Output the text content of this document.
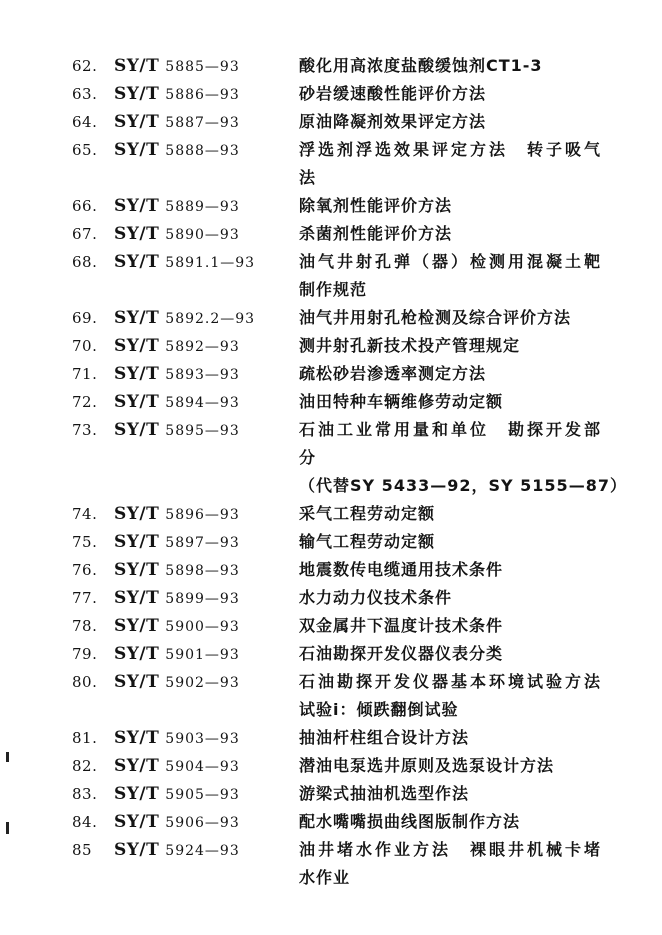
62. SY/T 5885—93	酸化用高浓度盐酸缓蚀剂CT1-3
63. SY/T 5886—93	砂岩缓速酸性能评价方法
64. SY/T 5887—93	原油降凝剂效果评定方法
65. SY/T 5888—93	浮选剂浮选效果评定方法　转子吸气
法
66. SY/T 5889—93	除氧剂性能评价方法
67. SY/T 5890—93	杀菌剂性能评价方法
68. SY/T 5891.1—93	油气井射孔弹（器）检测用混凝土靶
制作规范
69. SY/T 5892.2—93	油气井用射孔枪检测及综合评价方法
70. SY/T 5892—93	测井射孔新技术投产管理规定
71. SY/T 5893—93	疏松砂岩渗透率测定方法
72. SY/T 5894—93	油田特种车辆维修劳动定额
73. SY/T 5895—93	石油工业常用量和单位　勘探开发部
分
（代替SY 5433—92，SY 5155—87）
74. SY/T 5896—93	采气工程劳动定额
75. SY/T 5897—93	输气工程劳动定额
76. SY/T 5898—93	地震数传电缆通用技术条件
77. SY/T 5899—93	水力动力仪技术条件
78. SY/T 5900—93	双金属井下温度计技术条件
79. SY/T 5901—93	石油勘探开发仪器仪表分类
80. SY/T 5902—93	石油勘探开发仪器基本环境试验方法
试验i：倾跌翻倒试验
81. SY/T 5903—93	抽油杆柱组合设计方法
82. SY/T 5904—93	潜油电泵选井原则及选泵设计方法
83. SY/T 5905—93	游梁式抽油机选型作法
84. SY/T 5906—93	配水嘴嘴损曲线图版制作方法
85	SY/T 5924—93	油井堵水作业方法　裸眼井机械卡堵
水作业
